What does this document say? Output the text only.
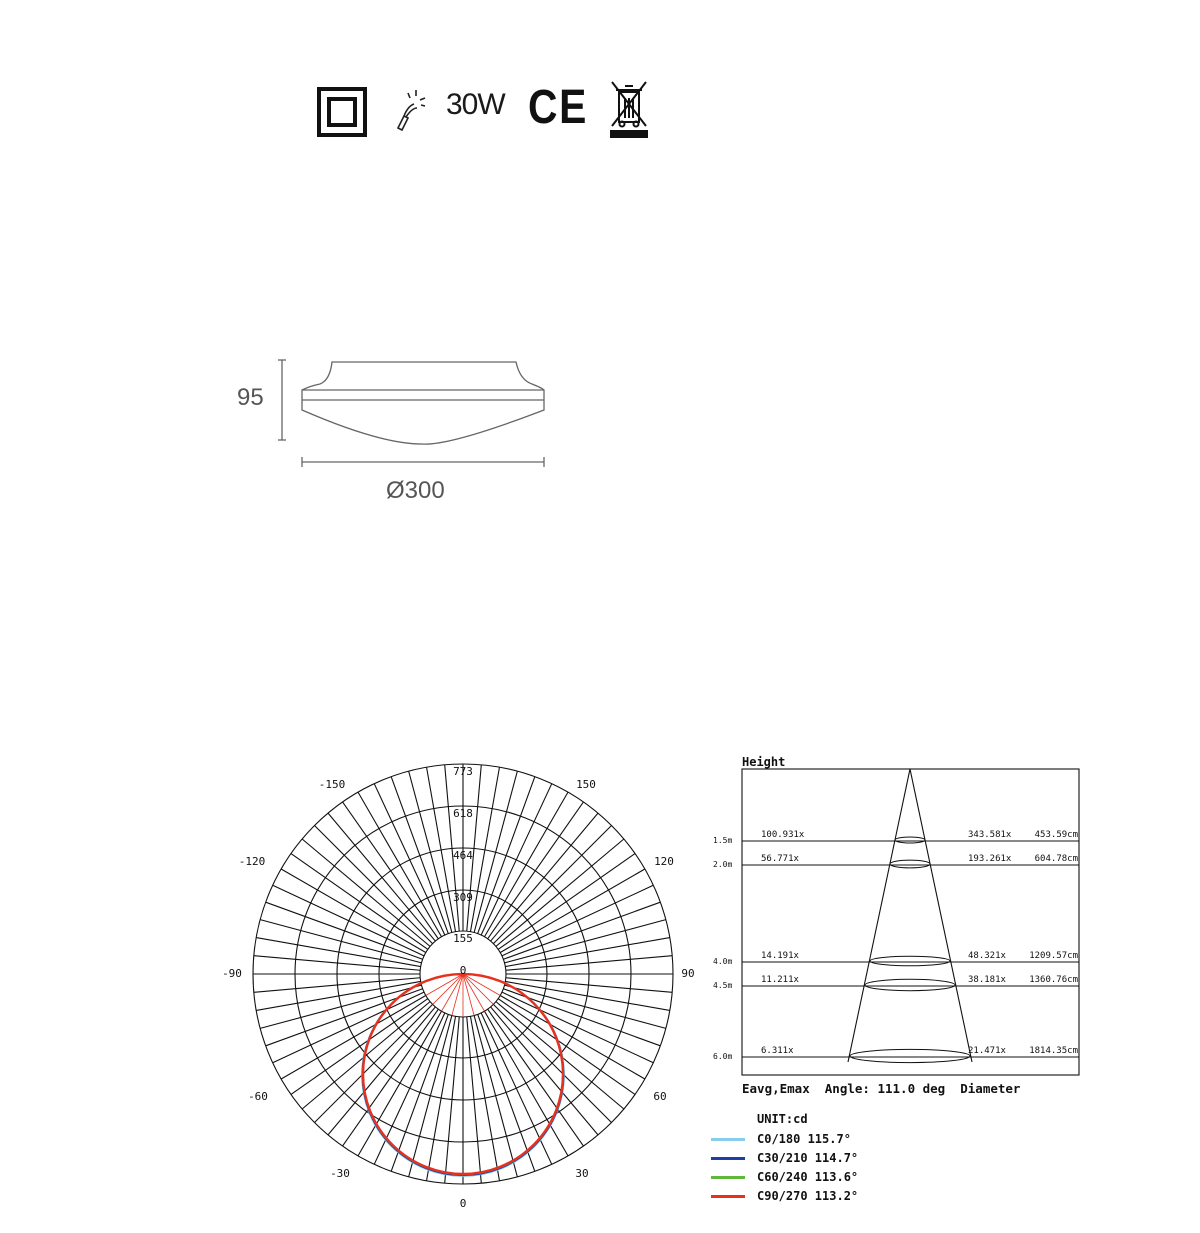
30W CE
95
Ø300
773
618
464
309
155
0
-150	150
-120	120
-90	90
-60	60
-30	30
0
Height
1.5m
100.931x	343.581x	453.59cm
2.0m
56.771x	193.261x	604.78cm
4.0m
14.191x	48.321x	1209.57cm
4.5m
11.211x	38.181x	1360.76cm
6.0m
6.311x	21.471x	1814.35cm
Eavg,Emax  Angle: 111.0 deg  Diameter
UNIT:cd
C0/180 115.7°
C30/210 114.7°
C60/240 113.6°
C90/270 113.2°
